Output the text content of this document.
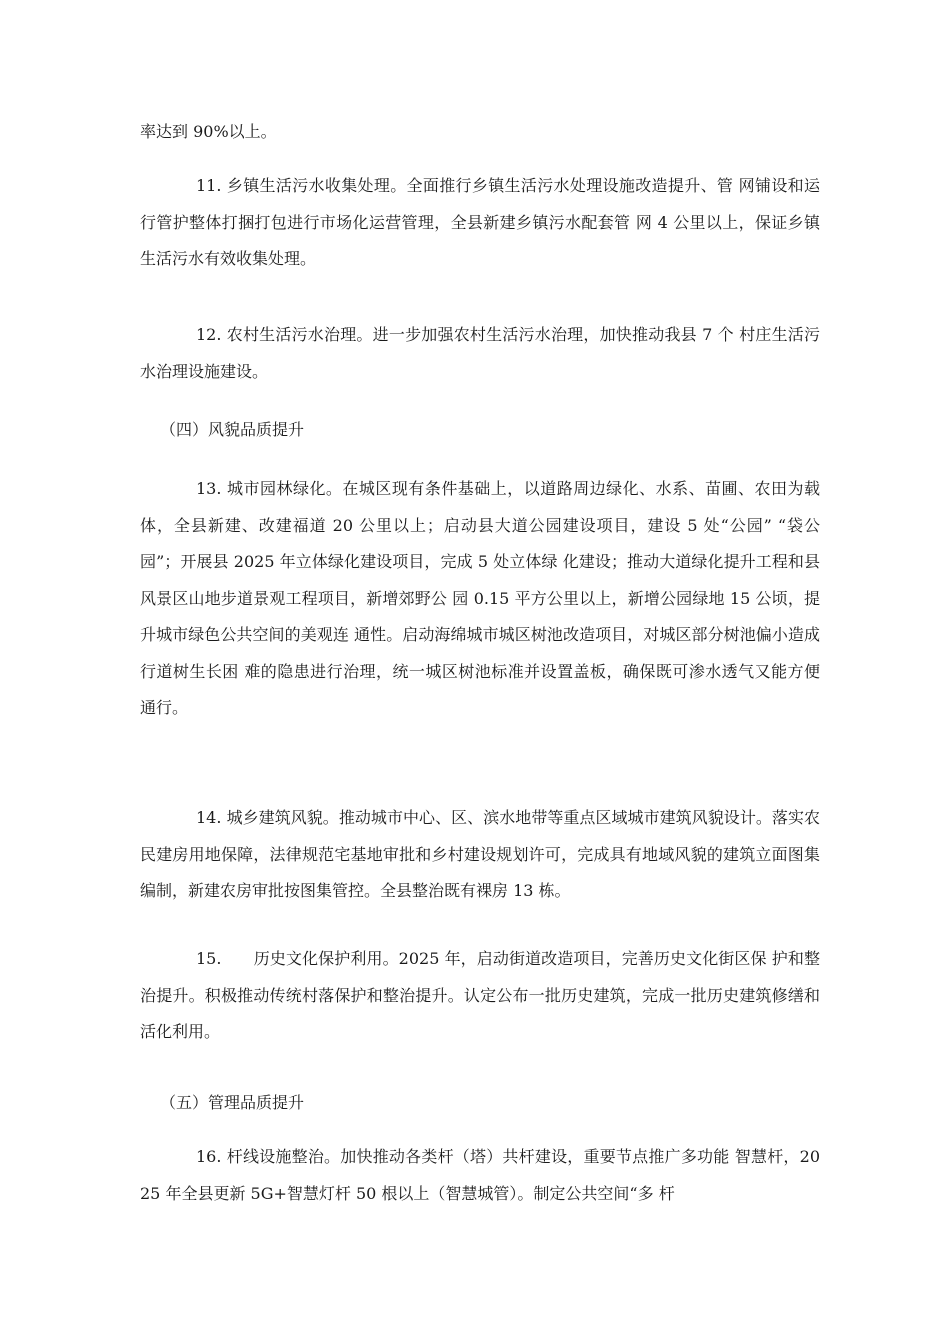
率达到 90%以上。

11. 乡镇生活污水收集处理。全面推行乡镇生活污水处理设施改造提升、管 网铺设和运行管护整体打捆打包进行市场化运营管理，全县新建乡镇污水配套管 网 4 公里以上，保证乡镇生活污水有效收集处理。

12. 农村生活污水治理。进一步加强农村生活污水治理，加快推动我县 7 个 村庄生活污水治理设施建设。

（四）风貌品质提升

13. 城市园林绿化。在城区现有条件基础上，以道路周边绿化、水系、苗圃、农田为载体，全县新建、改建福道 20 公里以上；启动县大道公园建设项目，建设 5 处“公园” “袋公园”；开展县 2025 年立体绿化建设项目，完成 5 处立体绿 化建设；推动大道绿化提升工程和县风景区山地步道景观工程项目，新增郊野公 园 0.15 平方公里以上，新增公园绿地 15 公顷，提升城市绿色公共空间的美观连 通性。启动海绵城市城区树池改造项目，对城区部分树池偏小造成行道树生长困 难的隐患进行治理，统一城区树池标准并设置盖板，确保既可渗水透气又能方便 通行。

14. 城乡建筑风貌。推动城市中心、区、滨水地带等重点区域城市建筑风貌设计。落实农民建房用地保障，法律规范宅基地审批和乡村建设规划许可，完成具有地域风貌的建筑立面图集编制，新建农房审批按图集管控。全县整治既有裸房 13 栋。

15.　　历史文化保护利用。2025 年，启动街道改造项目，完善历史文化街区保 护和整治提升。积极推动传统村落保护和整治提升。认定公布一批历史建筑，完成一批历史建筑修缮和活化利用。

（五）管理品质提升

16. 杆线设施整治。加快推动各类杆（塔）共杆建设，重要节点推广多功能 智慧杆，2025 年全县更新 5G+智慧灯杆 50 根以上（智慧城管）。制定公共空间“多 杆
